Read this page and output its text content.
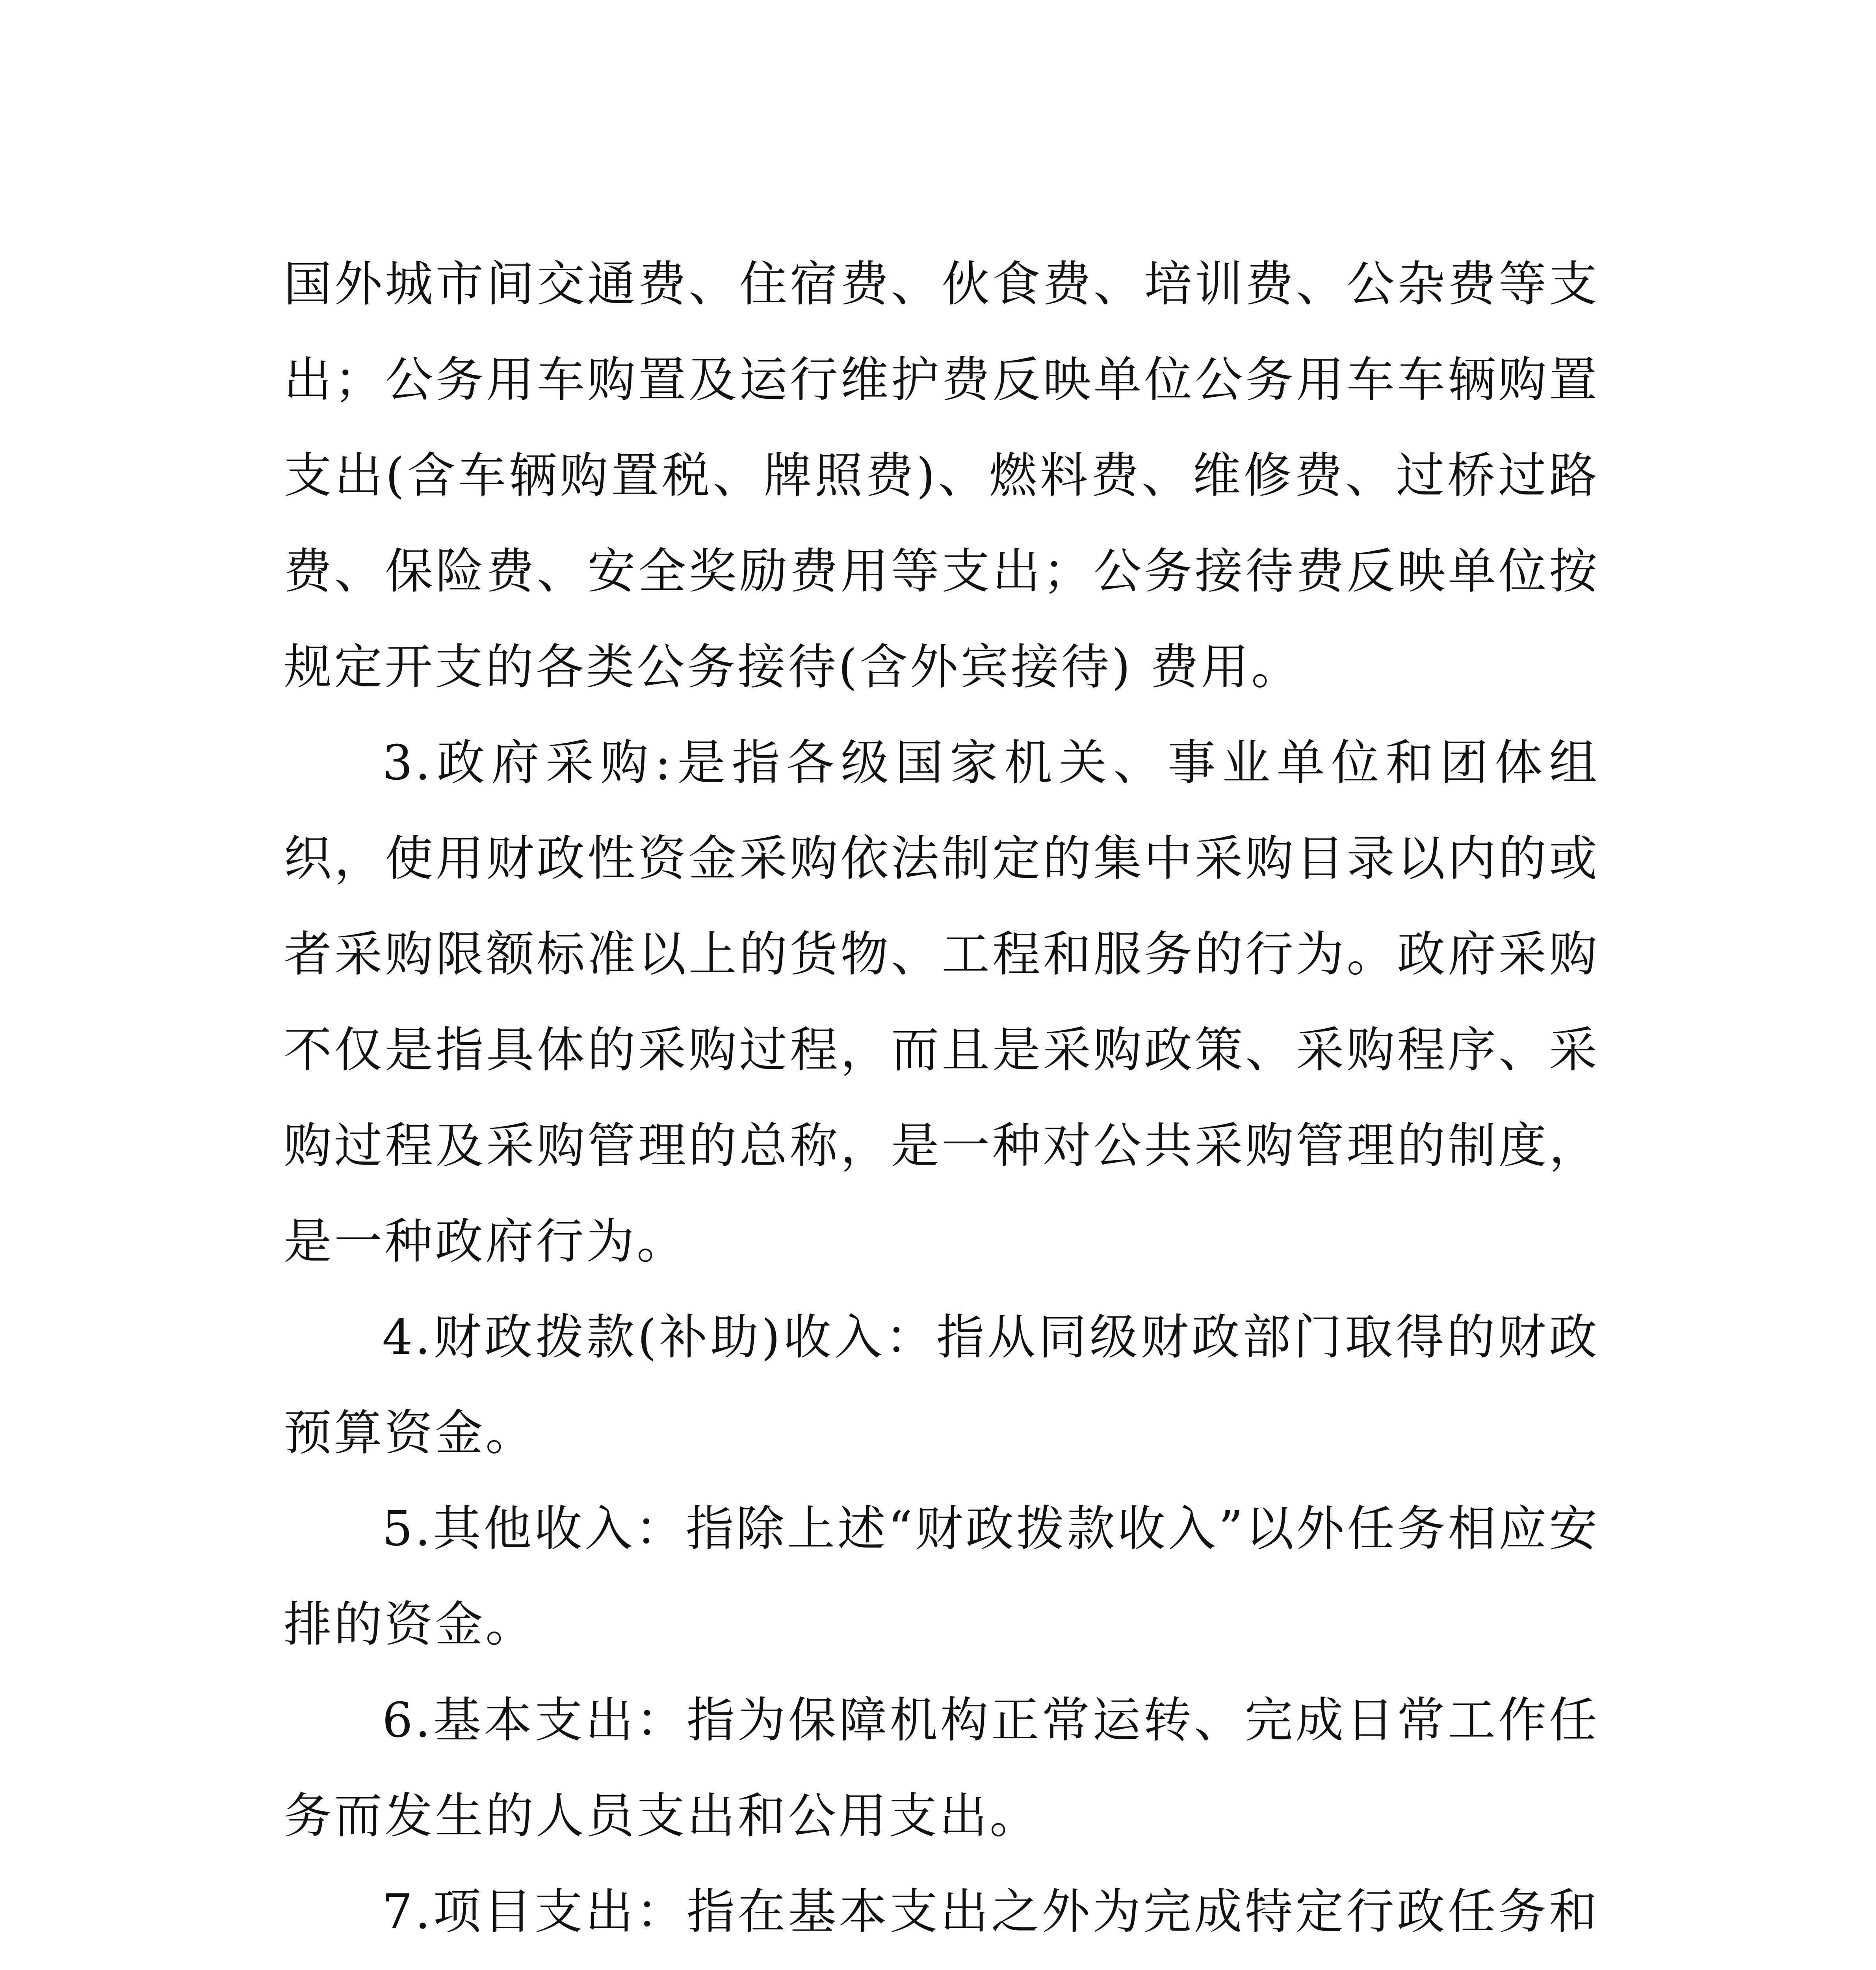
国外城市间交通费、住宿费、伙食费、培训费、公杂费等支出；公务用车购置及运行维护费反映单位公务用车车辆购置支出(含车辆购置税、牌照费)、燃料费、维修费、过桥过路费、保险费、安全奖励费用等支出；公务接待费反映单位按规定开支的各类公务接待(含外宾接待) 费用。

3.政府采购:是指各级国家机关、事业单位和团体组织，使用财政性资金采购依法制定的集中采购目录以内的或者采购限额标准以上的货物、工程和服务的行为。政府采购不仅是指具体的采购过程，而且是采购政策、采购程序、采购过程及采购管理的总称，是一种对公共采购管理的制度，是一种政府行为。

4.财政拨款(补助)收入：指从同级财政部门取得的财政预算资金。

5.其他收入：指除上述“财政拨款收入”以外任务相应安排的资金。

6.基本支出：指为保障机构正常运转、完成日常工作任务而发生的人员支出和公用支出。

7.项目支出：指在基本支出之外为完成特定行政任务和
